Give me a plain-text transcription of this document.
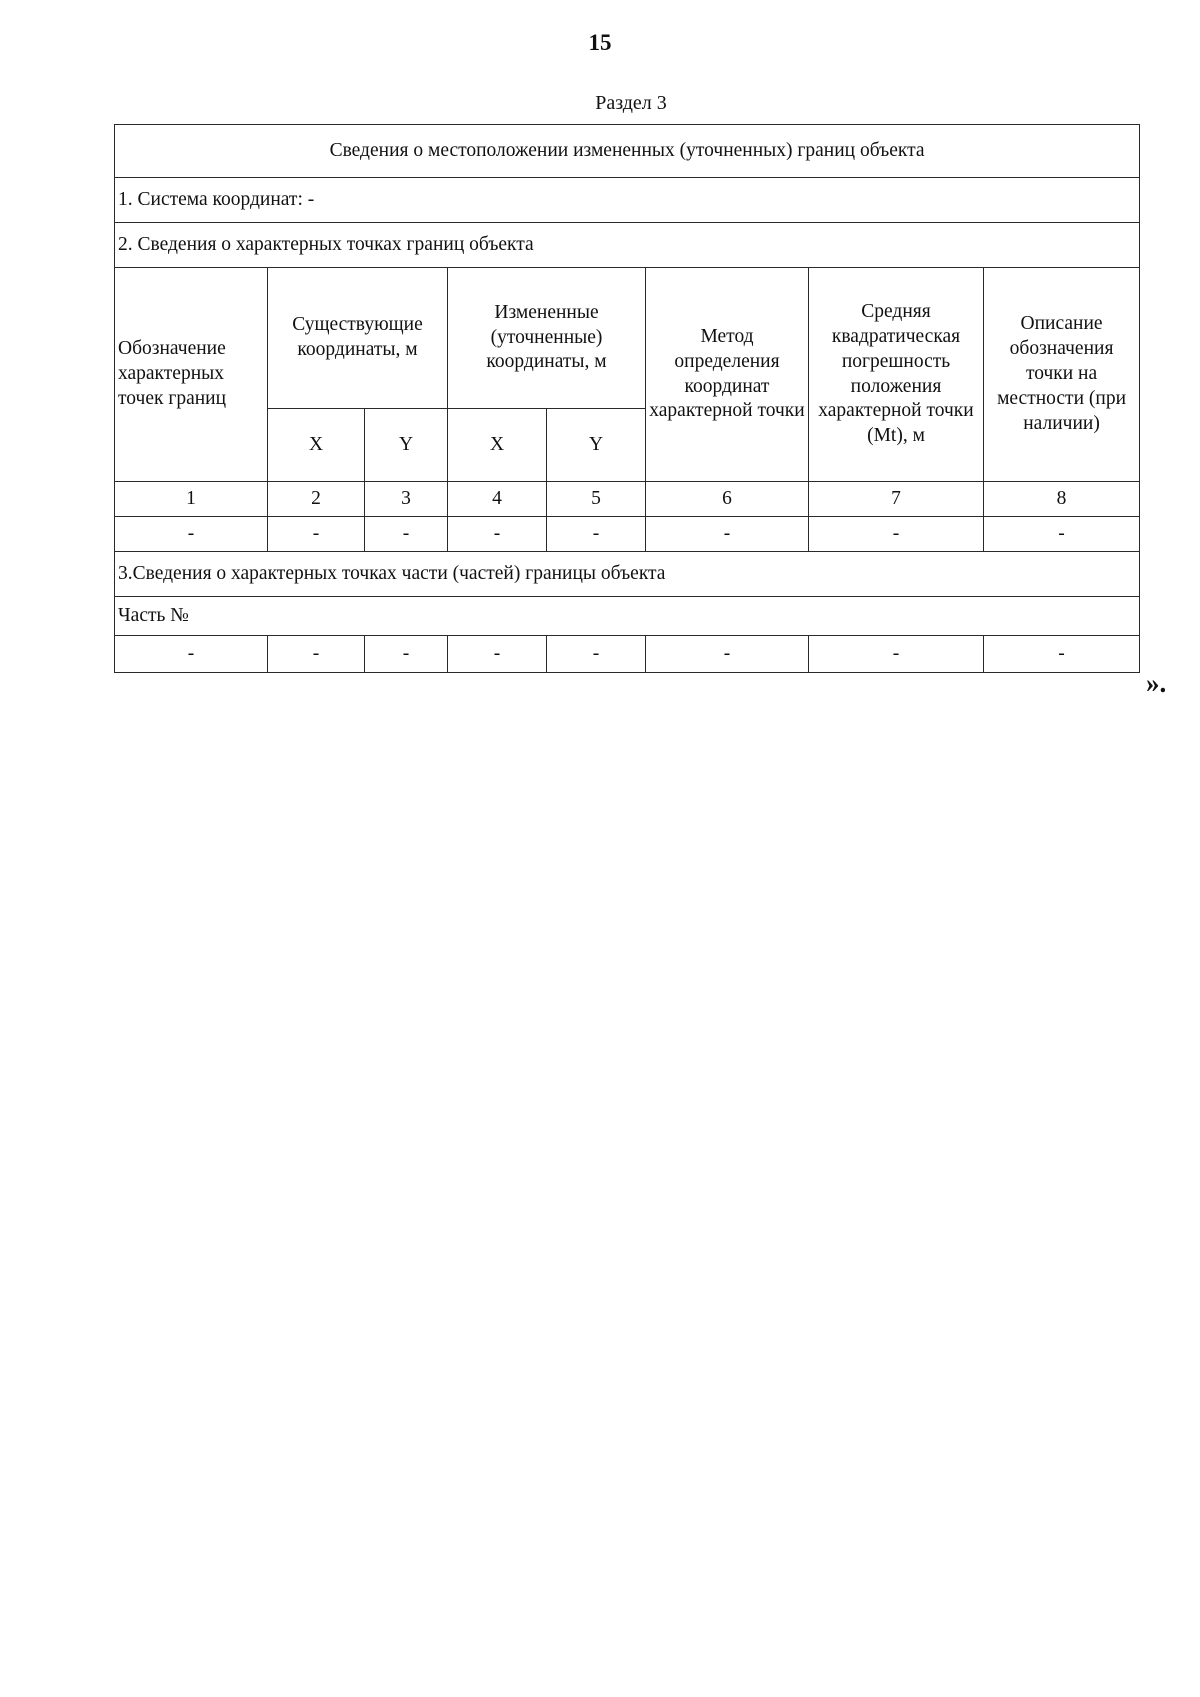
15
Раздел 3
Сведения о местоположении измененных (уточненных) границ объекта							
1. Система координат: -							
2. Сведения о характерных точках границ объекта							
Обозначение характерных точек границ	Существующие координаты, м		Измененные (уточненные) координаты, м		Метод определения координат характерной точки	Средняя квадратическая погрешность положения характерной точки (Mt), м	Описание обозначения точки на местности (при наличии)
	X	Y	X	Y			
1	2	3	4	5	6	7	8
-	-	-	-	-	-	-	-
3.Сведения о характерных точках части (частей) границы объекта							
Часть №							
-	-	-	-	-	-	-	-
».
